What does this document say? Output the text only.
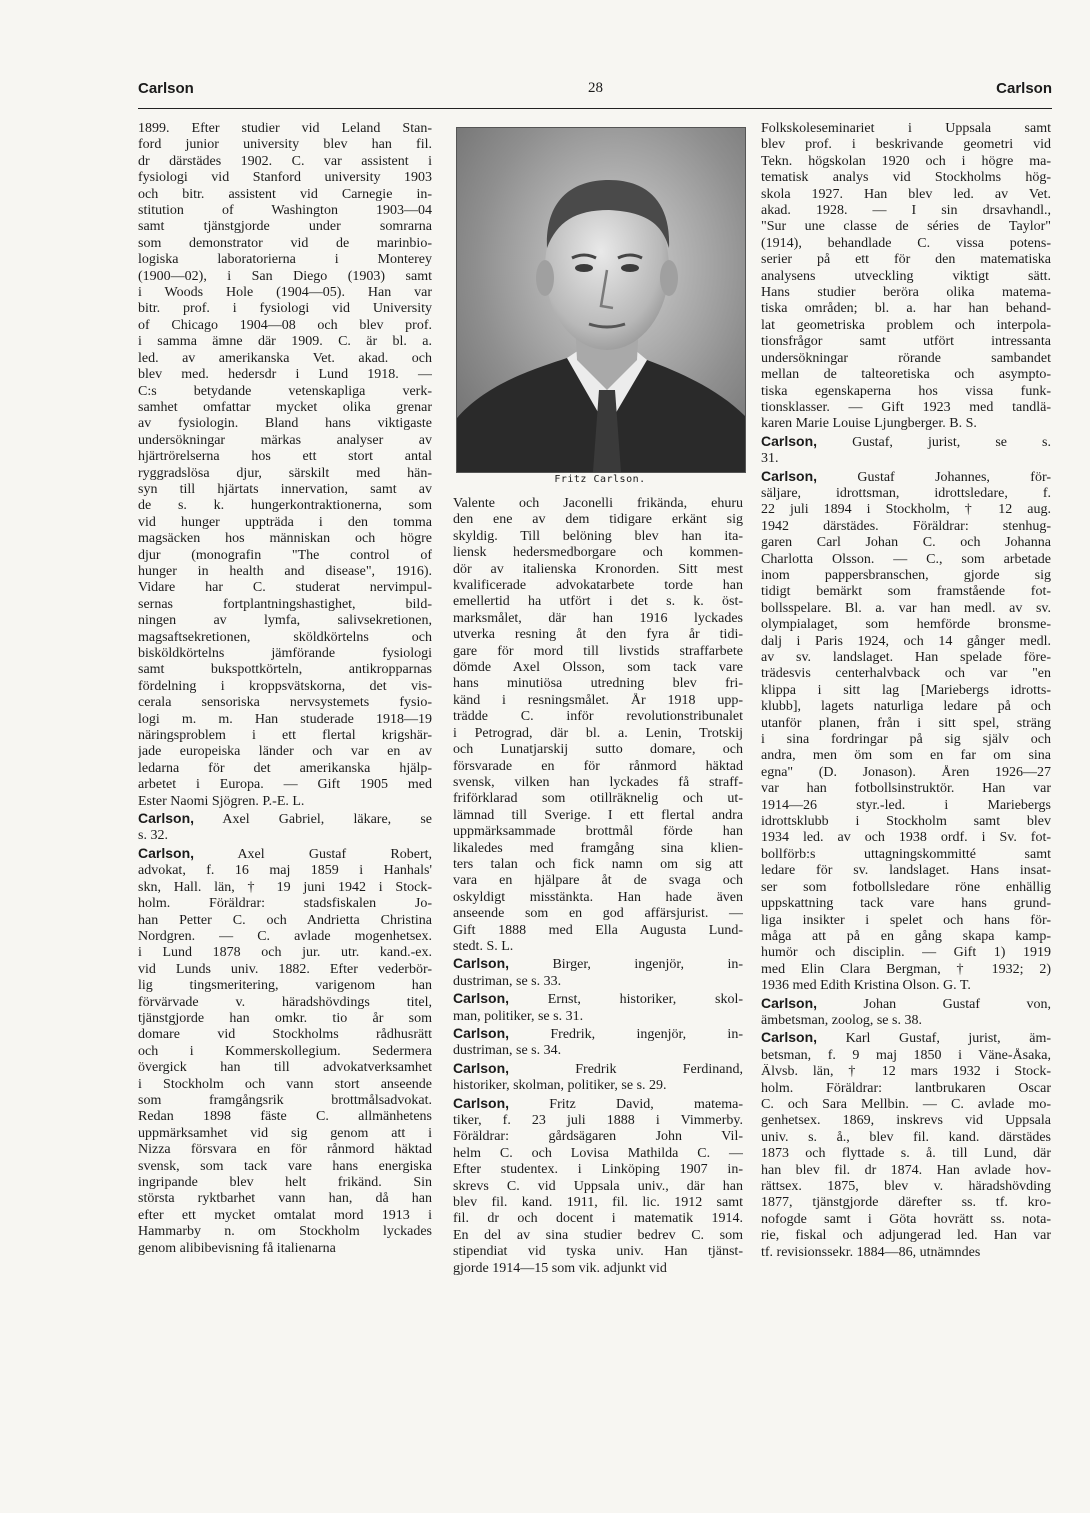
Carlson	28	Carlson
Fritz Carlson.

1899. Efter studier vid Leland Stan-

ford junior university blev han fil.

dr därstädes 1902. C. var assistent i

fysiologi vid Stanford university 1903

och bitr. assistent vid Carnegie in-

stitution of Washington 1903—04

samt tjänstgjorde under somrarna

som demonstrator vid de marinbio-

logiska laboratorierna i Monterey

(1900—02), i San Diego (1903) samt

i Woods Hole (1904—05). Han var

bitr. prof. i fysiologi vid University

of Chicago 1904—08 och blev prof.

i samma ämne där 1909. C. är bl. a.

led. av amerikanska Vet. akad. och

blev med. hedersdr i Lund 1918. —

C:s betydande vetenskapliga verk-

samhet omfattar mycket olika grenar

av fysiologin. Bland hans viktigaste

undersökningar märkas analyser av

hjärtrörelserna hos ett stort antal

ryggradslösa djur, särskilt med hän-

syn till hjärtats innervation, samt av

de s. k. hungerkontraktionerna, som

vid hunger uppträda i den tomma

magsäcken hos människan och högre

djur (monografin "The control of

hunger in health and disease", 1916).

Vidare har C. studerat nervimpul-

sernas fortplantningshastighet, bild-

ningen av lymfa, salivsekretionen,

magsaftsekretionen, sköldkörtelns och

bisköldkörtelns jämförande fysiologi

samt bukspottkörteln, antikropparnas

fördelning i kroppsvätskorna, det vis-

cerala sensoriska nervsystemets fysio-

logi m. m. Han studerade 1918—19

näringsproblem i ett flertal krigshär-

jade europeiska länder och var en av

ledarna för det amerikanska hjälp-

arbetet i Europa. — Gift 1905 med

Ester Naomi Sjögren. P.-E. L.

Carlson, Axel Gabriel, läkare, se

s. 32.

Carlson, Axel Gustaf Robert,

advokat, f. 16 maj 1859 i Hanhals'

skn, Hall. län, † 19 juni 1942 i Stock-

holm. Föräldrar: stadsfiskalen Jo-

han Petter C. och Andrietta Christina

Nordgren. — C. avlade mogenhetsex.

i Lund 1878 och jur. utr. kand.-ex.

vid Lunds univ. 1882. Efter vederbör-

lig tingsmeritering, varigenom han

förvärvade v. häradshövdings titel,

tjänstgjorde han omkr. tio år som

domare vid Stockholms rådhusrätt

och i Kommerskollegium. Sedermera

övergick han till advokatverksamhet

i Stockholm och vann stort anseende

som framgångsrik brottmålsadvokat.

Redan 1898 fäste C. allmänhetens

uppmärksamhet vid sig genom att i

Nizza försvara en för rånmord häktad

svensk, som tack vare hans energiska

ingripande blev helt frikänd. Sin

största ryktbarhet vann han, då han

efter ett mycket omtalat mord 1913 i

Hammarby n. om Stockholm lyckades

genom alibibevisning få italienarna

Valente och Jaconelli frikända, ehuru

den ene av dem tidigare erkänt sig

skyldig. Till belöning blev han ita-

liensk hedersmedborgare och kommen-

dör av italienska Kronorden. Sitt mest

kvalificerade advokatarbete torde han

emellertid ha utfört i det s. k. öst-

marksmålet, där han 1916 lyckades

utverka resning åt den fyra år tidi-

gare för mord till livstids straffarbete

dömde Axel Olsson, som tack vare

hans minutiösa utredning blev fri-

känd i resningsmålet. År 1918 upp-

trädde C. inför revolutionstribunalet

i Petrograd, där bl. a. Lenin, Trotskij

och Lunatjarskij sutto domare, och

försvarade en för rånmord häktad

svensk, vilken han lyckades få straff-

friförklarad som otillräknelig och ut-

lämnad till Sverige. I ett flertal andra

uppmärksammade brottmål förde han

likaledes med framgång sina klien-

ters talan och fick namn om sig att

vara en hjälpare åt de svaga och

oskyldigt misstänkta. Han hade även

anseende som en god affärsjurist. —

Gift 1888 med Ella Augusta Lund-

stedt. S. L.

Carlson, Birger, ingenjör, in-

dustriman, se s. 33.

Carlson, Ernst, historiker, skol-

man, politiker, se s. 31.

Carlson, Fredrik, ingenjör, in-

dustriman, se s. 34.

Carlson, Fredrik Ferdinand,

historiker, skolman, politiker, se s. 29.

Carlson, Fritz David, matema-

tiker, f. 23 juli 1888 i Vimmerby.

Föräldrar: gårdsägaren John Vil-

helm C. och Lovisa Mathilda C. —

Efter studentex. i Linköping 1907 in-

skrevs C. vid Uppsala univ., där han

blev fil. kand. 1911, fil. lic. 1912 samt

fil. dr och docent i matematik 1914.

En del av sina studier bedrev C. som

stipendiat vid tyska univ. Han tjänst-

gjorde 1914—15 som vik. adjunkt vid

Folkskoleseminariet i Uppsala samt

blev prof. i beskrivande geometri vid

Tekn. högskolan 1920 och i högre ma-

tematisk analys vid Stockholms hög-

skola 1927. Han blev led. av Vet.

akad. 1928. — I sin drsavhandl.,

"Sur une classe de séries de Taylor"

(1914), behandlade C. vissa potens-

serier på ett för den matematiska

analysens utveckling viktigt sätt.

Hans studier beröra olika matema-

tiska områden; bl. a. har han behand-

lat geometriska problem och interpola-

tionsfrågor samt utfört intressanta

undersökningar rörande sambandet

mellan de talteoretiska och asympto-

tiska egenskaperna hos vissa funk-

tionsklasser. — Gift 1923 med tandlä-

karen Marie Louise Ljungberger. B. S.

Carlson, Gustaf, jurist, se s.

31.

Carlson, Gustaf Johannes, för-

säljare, idrottsman, idrottsledare, f.

22 juli 1894 i Stockholm, † 12 aug.

1942 därstädes. Föräldrar: stenhug-

garen Carl Johan C. och Johanna

Charlotta Olsson. — C., som arbetade

inom pappersbranschen, gjorde sig

tidigt bemärkt som framstående fot-

bollsspelare. Bl. a. var han medl. av sv.

olympialaget, som hemförde bronsme-

dalj i Paris 1924, och 14 gånger medl.

av sv. landslaget. Han spelade före-

trädesvis centerhalvback och var "en

klippa i sitt lag [Mariebergs idrotts-

klubb], lagets naturliga ledare på och

utanför planen, från i sitt spel, sträng

i sina fordringar på sig själv och

andra, men öm som en far om sina

egna" (D. Jonason). Åren 1926—27

var han fotbollsinstruktör. Han var

1914—26 styr.-led. i Mariebergs

idrottsklubb i Stockholm samt blev

1934 led. av och 1938 ordf. i Sv. fot-

bollförb:s uttagningskommitté samt

ledare för sv. landslaget. Hans insat-

ser som fotbollsledare röne enhällig

uppskattning tack vare hans grund-

liga insikter i spelet och hans för-

måga att på en gång skapa kamp-

humör och disciplin. — Gift 1) 1919

med Elin Clara Bergman, † 1932; 2)

1936 med Edith Kristina Olson. G. T.

Carlson, Johan Gustaf von,

ämbetsman, zoolog, se s. 38.

Carlson, Karl Gustaf, jurist, äm-

betsman, f. 9 maj 1850 i Väne-Åsaka,

Älvsb. län, † 12 mars 1932 i Stock-

holm. Föräldrar: lantbrukaren Oscar

C. och Sara Mellbin. — C. avlade mo-

genhetsex. 1869, inskrevs vid Uppsala

univ. s. å., blev fil. kand. därstädes

1873 och flyttade s. å. till Lund, där

han blev fil. dr 1874. Han avlade hov-

rättsex. 1875, blev v. häradshövding

1877, tjänstgjorde därefter ss. tf. kro-

nofogde samt i Göta hovrätt ss. nota-

rie, fiskal och adjungerad led. Han var

tf. revisionssekr. 1884—86, utnämndes
